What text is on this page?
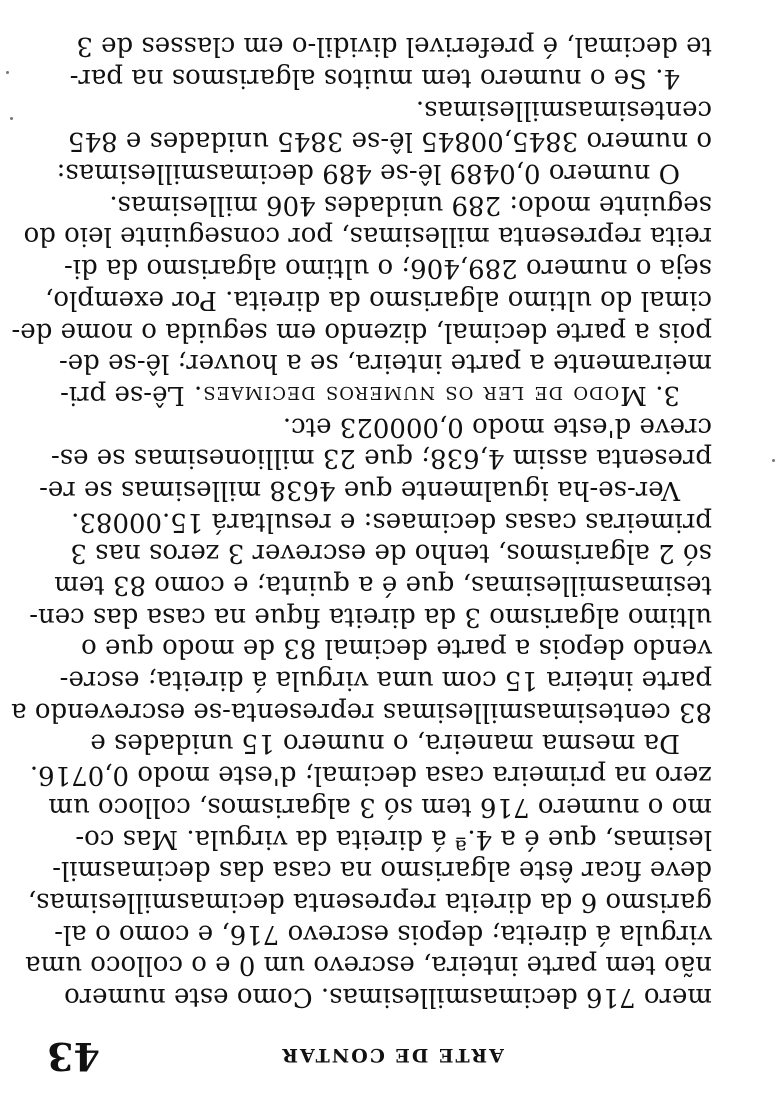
43	ARTE DE CONTAR
mero 716 decimasmillesimas. Como este numero
não tem parte inteira, escrevo um 0 e o colloco uma
virgula á direita; depois escrevo 716, e como o al-
garismo 6 da direita representa decimasmillesimas,
deve ficar êste algarismo na casa das decimasmil-
lesimas, que é a 4.ª á direita da virgula. Mas co-
mo o numero 716 tem só 3 algarismos, colloco um
zero na primeira casa decimal; d'este modo 0,0716.
Da mesma maneira, o numero 15 unidades e
83 centesimasmillesimas representa-se escrevendo a
parte inteira 15 com uma virgula á direita; escre-
vendo depois a parte decimal 83 de modo que o
ultimo algarismo 3 da direita fique na casa das cen-
tesimasmillesimas, que é a quinta; e como 83 tem
só 2 algarismos, tenho de escrever 3 zeros nas 3
primeiras casas decimaes: e resultará 15.00083.
Ver-se-ha igualmente que 4638 millesimas se re-
presenta assim 4,638; que 23 millionesimas se es-
creve d'este modo 0,000023 etc.
3. Modo de ler os numeros decimaes. Lê-se pri-
meiramente a parte inteira, se a houver; lê-se de-
pois a parte decimal, dizendo em seguida o nome de-
cimal do ultimo algarismo da direita. Por exemplo,
seja o numero 289,406; o ultimo algarismo da di-
reita representa millesimas, por conseguinte leio do
seguinte modo: 289 unidades 406 millesimas.
O numero 0,0489 lê-se 489 decimasmillesimas:
o numero 3845,00845 lê-se 3845 unidades e 845
centesimasmillesimas.
4. Se o numero tem muitos algarismos na par-
te decimal, é preferivel dividil-o em classes de 3
